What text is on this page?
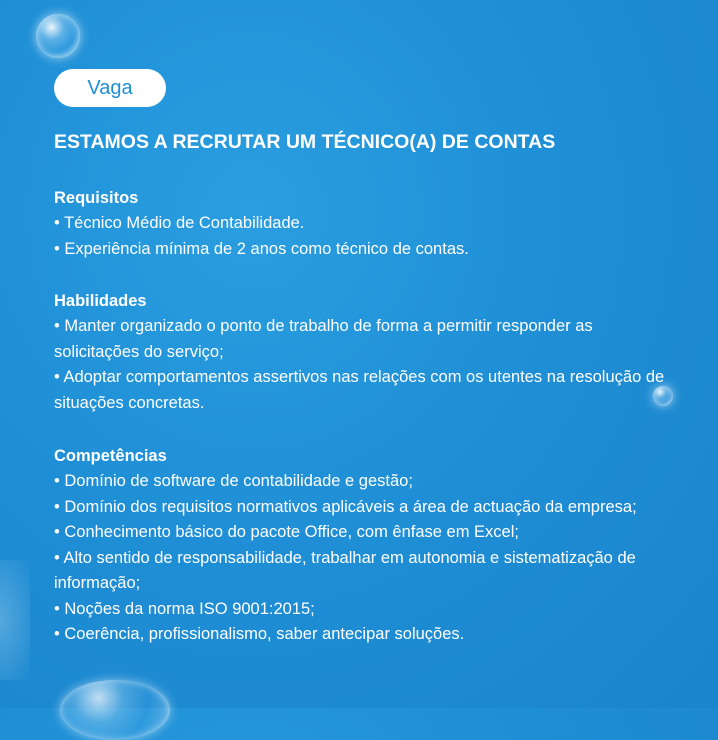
Vaga
ESTAMOS A RECRUTAR UM TÉCNICO(A) DE CONTAS
Requisitos
• Técnico Médio de Contabilidade.
• Experiência mínima de 2 anos como técnico de contas.
Habilidades
• Manter organizado o ponto de trabalho de forma a permitir responder as solicitações do serviço;
• Adoptar comportamentos assertivos nas relações com os utentes na resolução de situações concretas.
Competências
• Domínio de software de contabilidade e gestão;
• Domínio dos requisitos normativos aplicáveis a área de actuação da empresa;
• Conhecimento básico do pacote Office, com ênfase em Excel;
• Alto sentido de responsabilidade, trabalhar em autonomia e sistematização de informação;
• Noções da norma ISO 9001:2015;
• Coerência, profissionalismo, saber antecipar soluções.
